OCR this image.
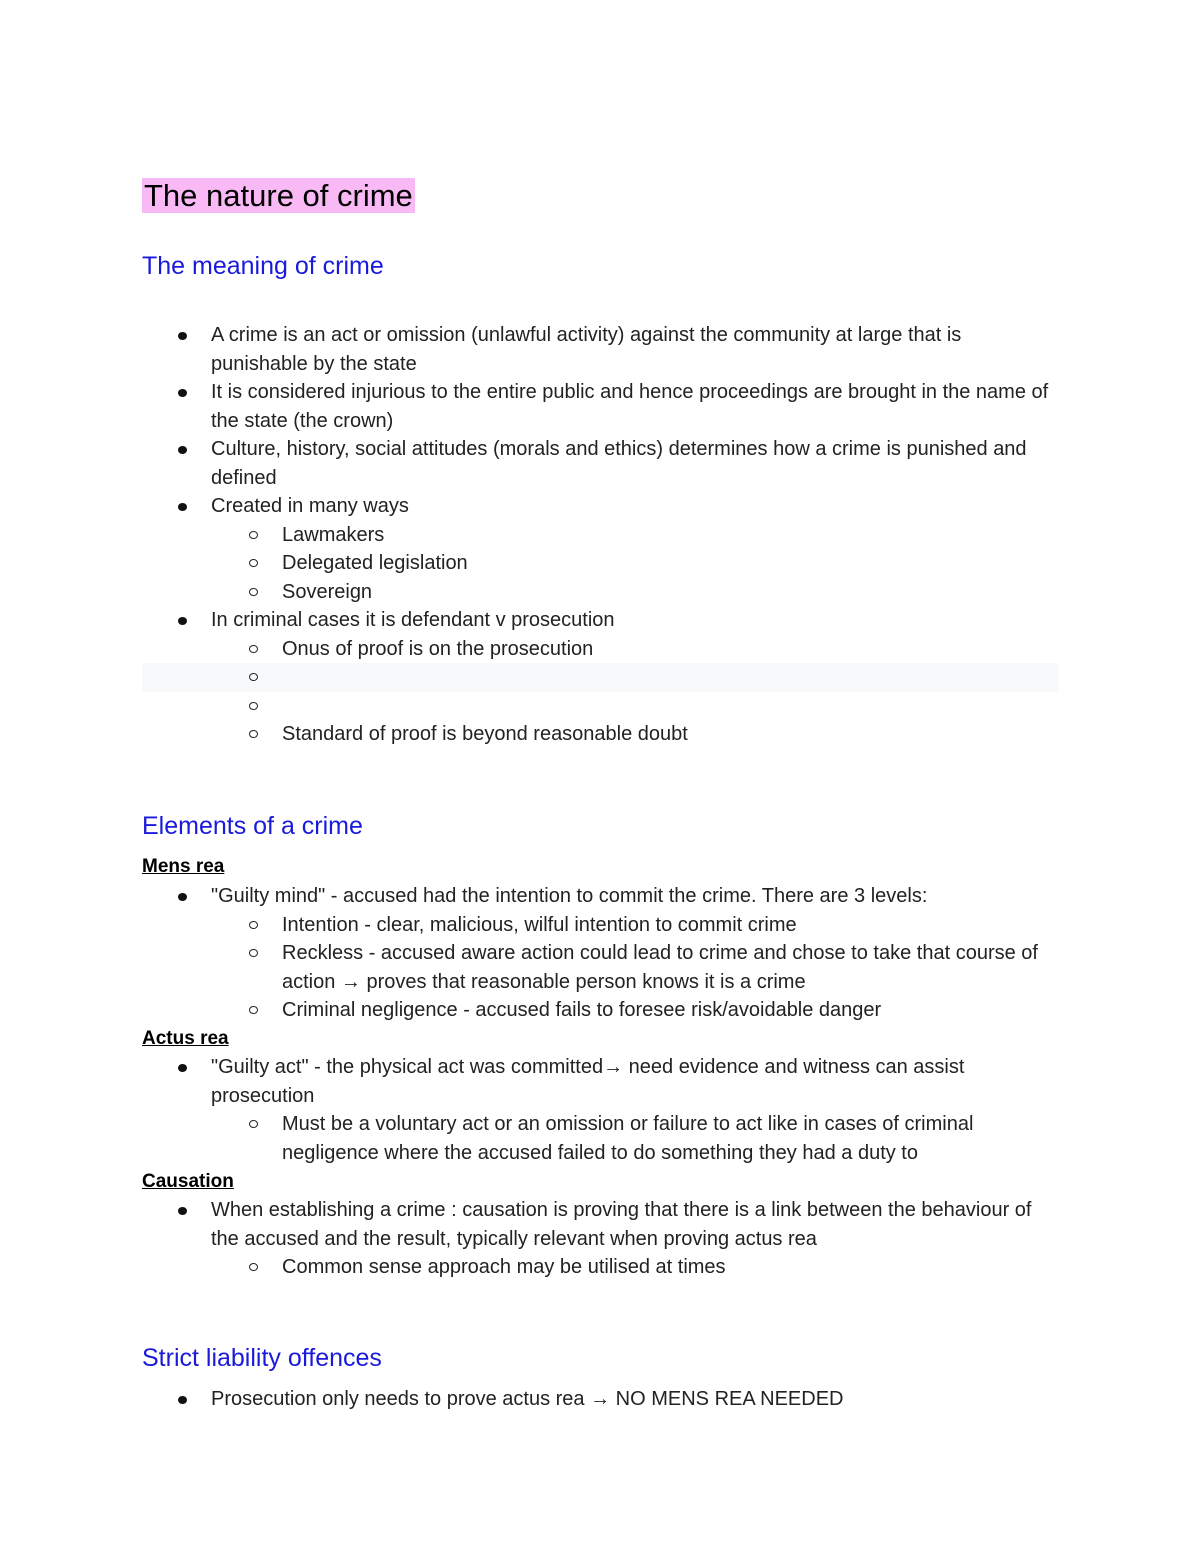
The nature of crime
The meaning of crime
A crime is an act or omission (unlawful activity) against the community at large that is punishable by the state
It is considered injurious to the entire public and hence proceedings are brought in the name of the state (the crown)
Culture, history, social attitudes (morals and ethics) determines how a crime is punished and defined
Created in many ways
Lawmakers
Delegated legislation
Sovereign
In criminal cases it is defendant v prosecution
Onus of proof is on the prosecution
Standard of proof is beyond reasonable doubt
Elements of a crime
Mens rea
"Guilty mind" - accused had the intention to commit the crime. There are 3 levels:
Intention - clear, malicious, wilful intention to commit crime
Reckless - accused aware action could lead to crime and chose to take that course of action → proves that reasonable person knows it is a crime
Criminal negligence - accused fails to foresee risk/avoidable danger
Actus rea
"Guilty act" - the physical act was committed→ need evidence and witness can assist prosecution
Must be a voluntary act or an omission or failure to act like in cases of criminal negligence where the accused failed to do something they had a duty to
Causation
When establishing a crime : causation is proving that there is a link between the behaviour of the accused and the result, typically relevant when proving actus rea
Common sense approach may be utilised at times
Strict liability offences
Prosecution only needs to prove actus rea → NO MENS REA NEEDED
